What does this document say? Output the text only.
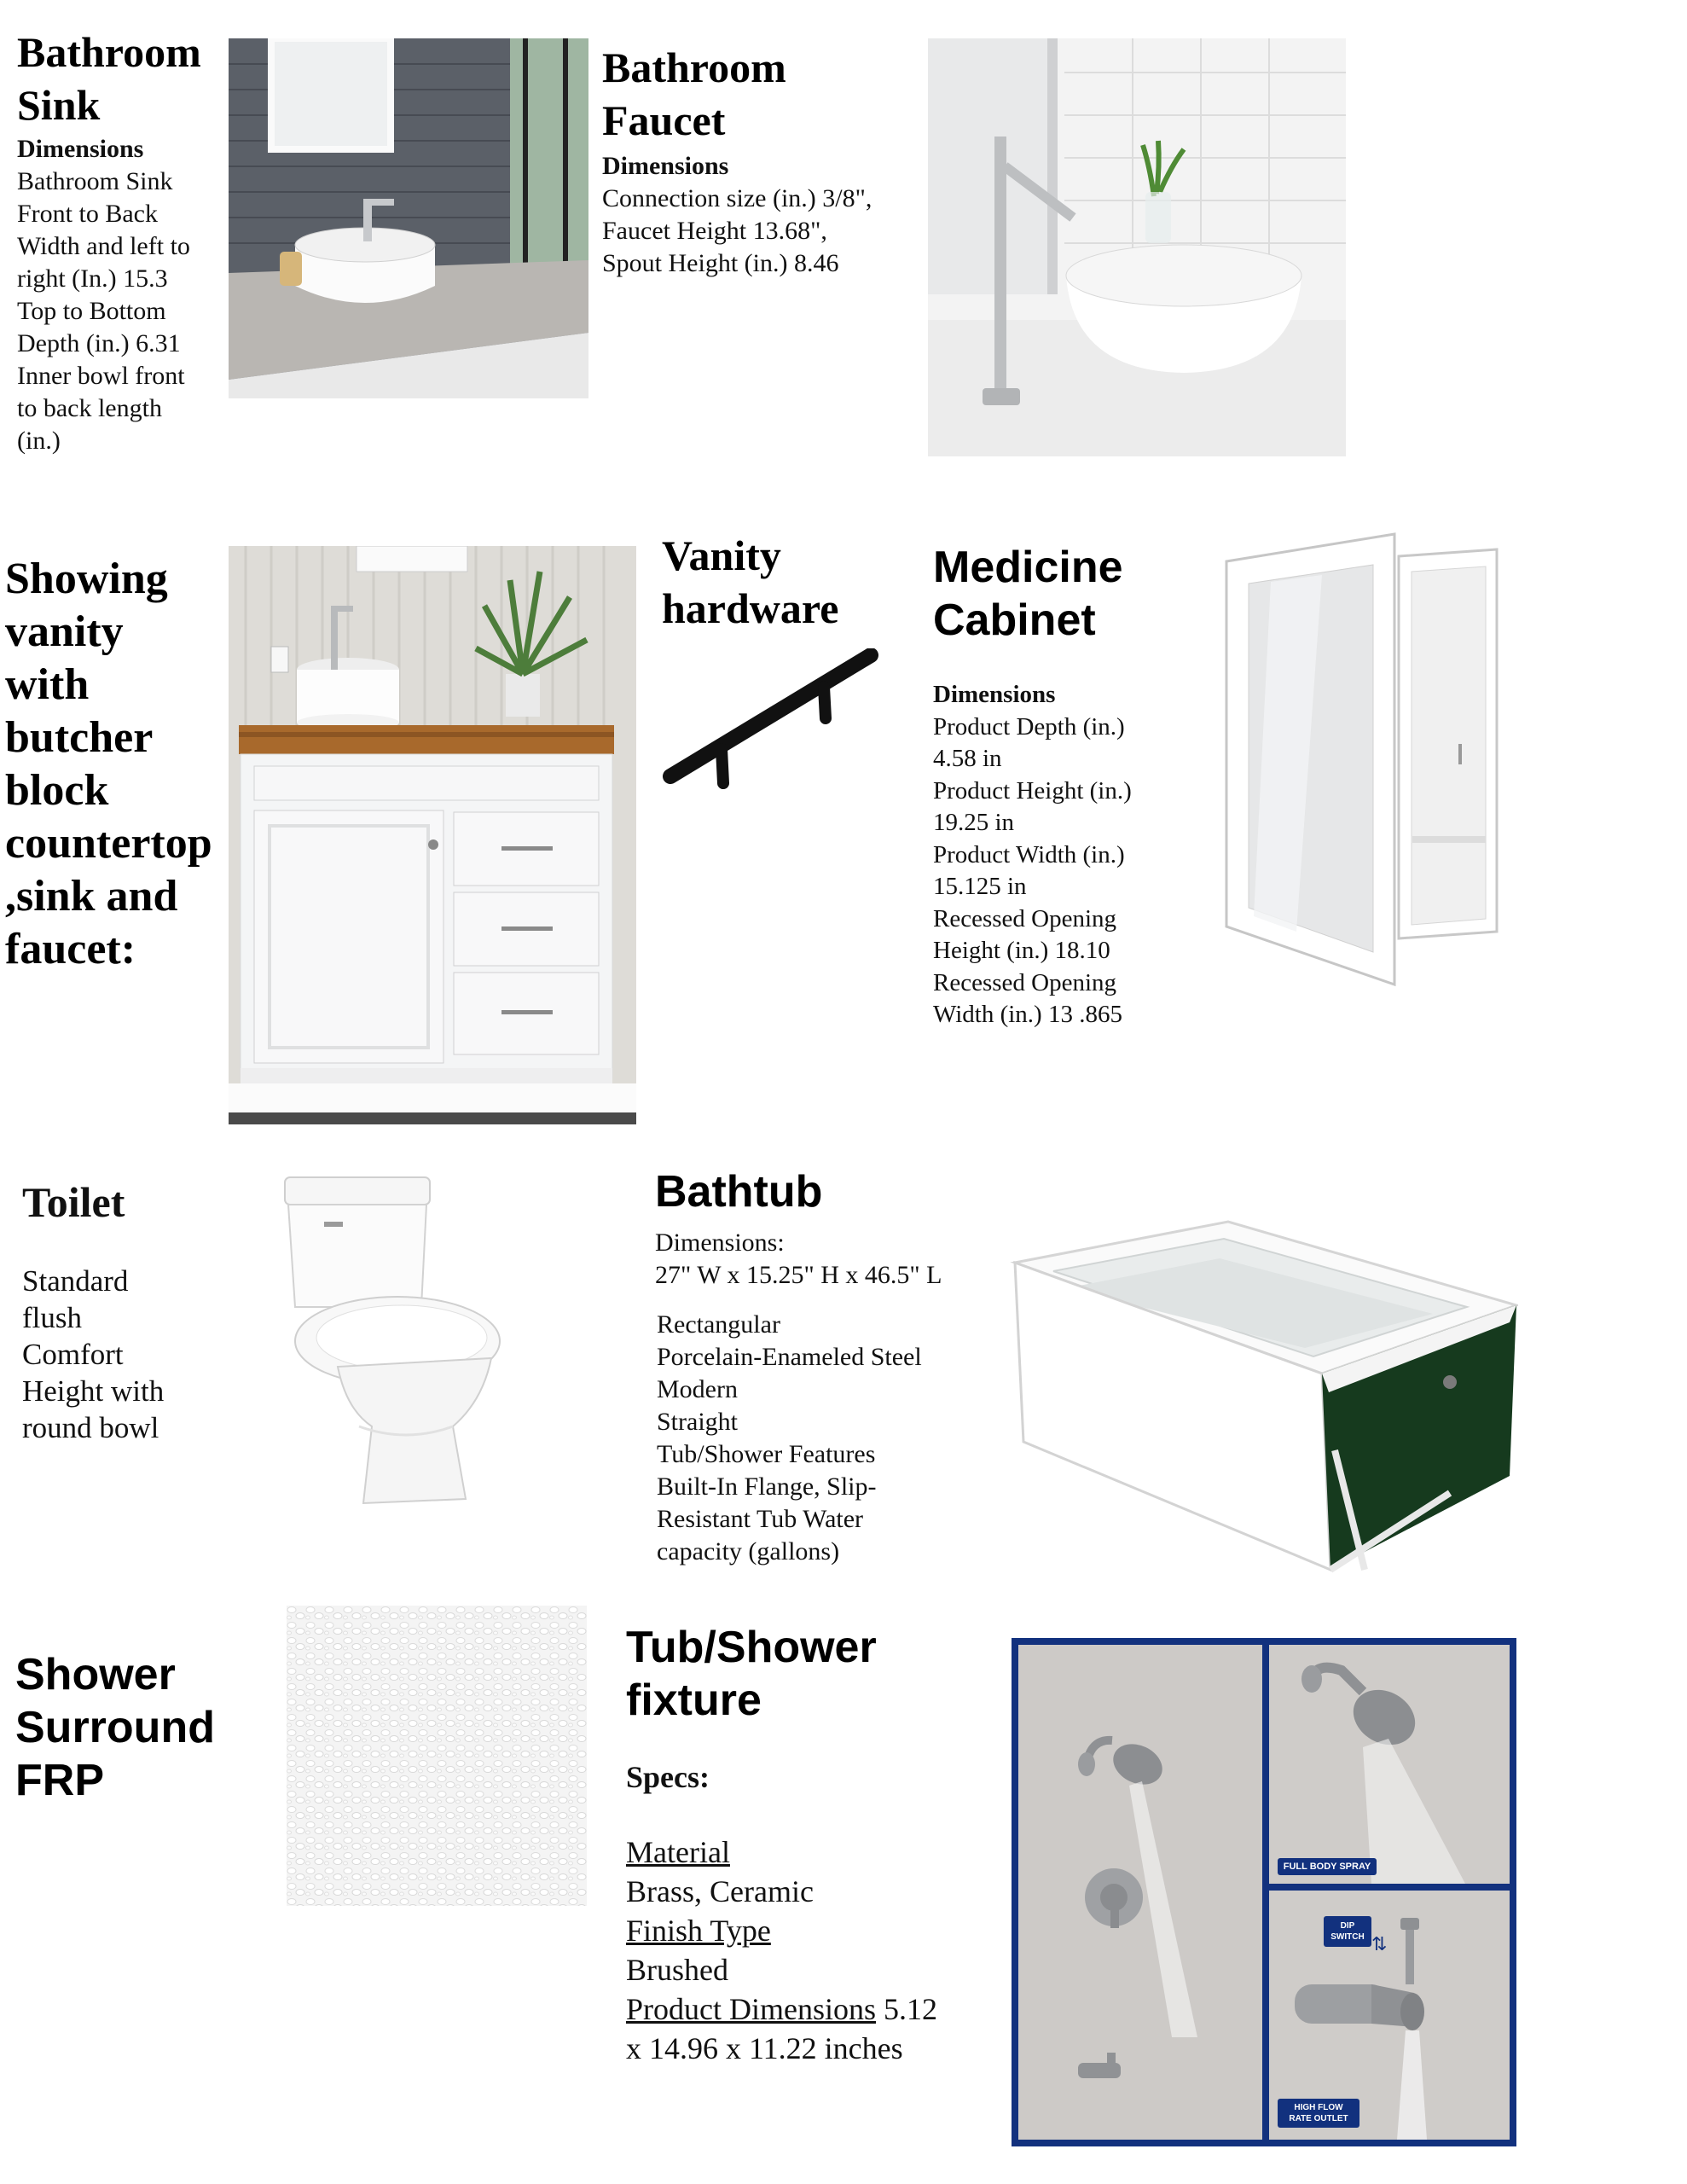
Bathroom
Sink
Dimensions
Bathroom Sink
Front to Back
Width and left to
right (In.) 15.3
Top to Bottom
Depth (in.) 6.31
Inner bowl front
to back length
(in.)
Bathroom
Faucet
Dimensions
Connection size (in.) 3/8",
Faucet Height 13.68",
Spout Height (in.) 8.46
Showing
vanity
with
butcher
block
countertop
,sink and
faucet:
Vanity
hardware
Medicine
Cabinet
Dimensions
Product Depth (in.)
4.58 in
Product Height (in.)
19.25 in
Product Width (in.)
15.125 in
Recessed Opening
Height (in.) 18.10
Recessed Opening
Width (in.) 13 .865
Toilet
Standard
flush
Comfort
Height with
round bowl
Bathtub
Dimensions:
27" W x 15.25" H x 46.5" L
Rectangular
Porcelain-Enameled Steel
Modern
Straight
Tub/Shower Features
Built-In Flange, Slip-
Resistant Tub Water
capacity (gallons)
Shower
Surround
FRP
Tub/Shower
fixture
Specs:
Material
Brass, Ceramic
Finish Type
Brushed
Product Dimensions 5.12
x 14.96 x 11.22 inches
FULL BODY SPRAY
⇅
DIP
SWITCH
HIGH FLOW
RATE OUTLET
